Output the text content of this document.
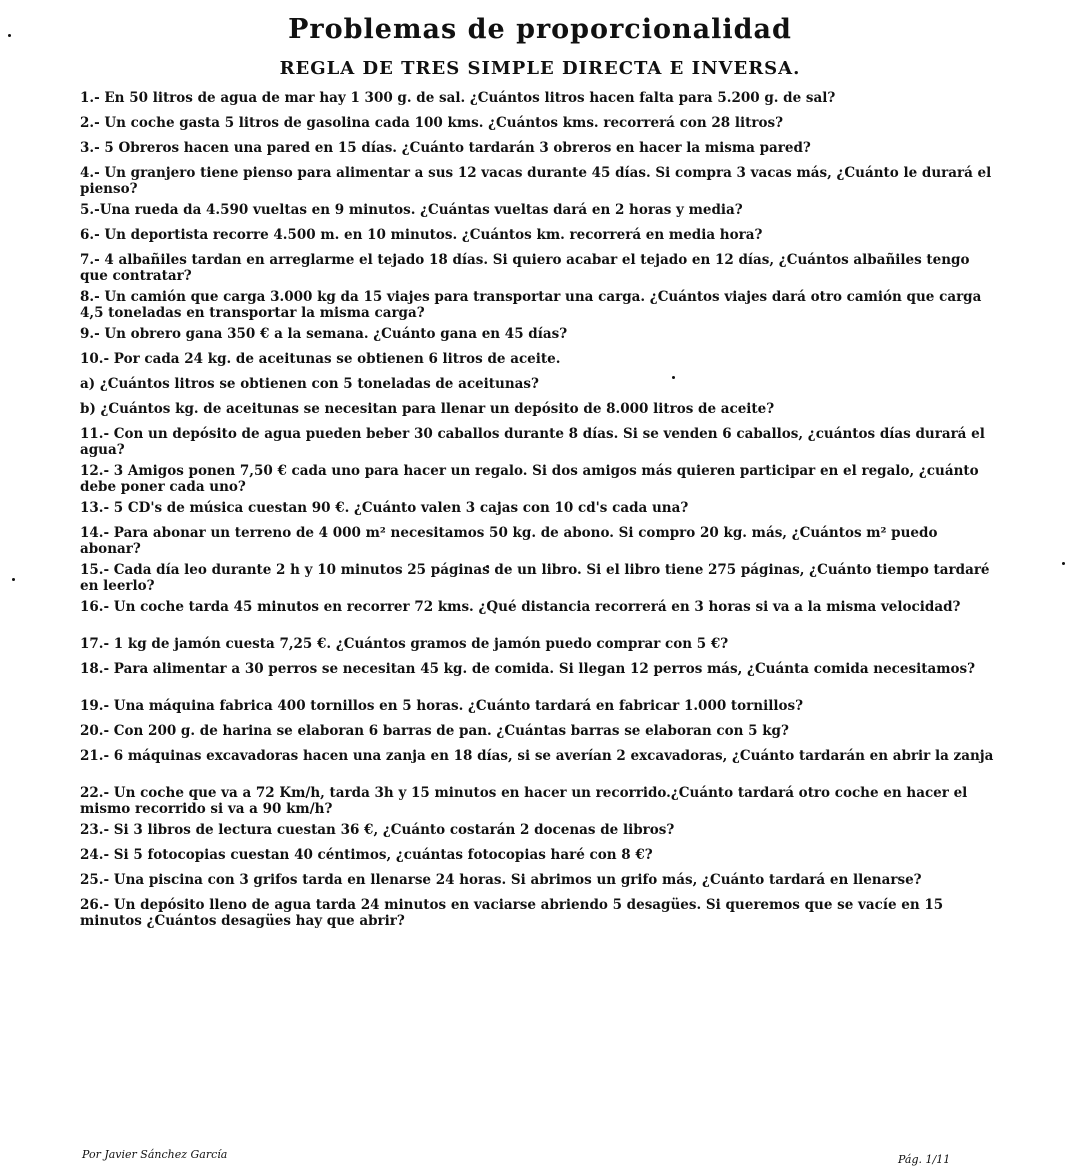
Problemas de proporcionalidad
REGLA DE TRES SIMPLE DIRECTA E INVERSA.
1.- En 50 litros de agua de mar hay 1 300 g. de sal. ¿Cuántos litros hacen falta para 5.200 g. de sal?
2.- Un coche gasta 5 litros de gasolina cada 100 kms. ¿Cuántos kms. recorrerá con 28 litros?
3.- 5 Obreros hacen una pared en 15 días. ¿Cuánto tardarán 3 obreros en hacer la misma pared?
4.- Un granjero tiene pienso para alimentar a sus 12 vacas durante 45 días. Si compra 3 vacas más, ¿Cuánto le durará el pienso?
5.-Una rueda da 4.590 vueltas en 9 minutos. ¿Cuántas vueltas dará en 2 horas y media?
6.- Un deportista recorre 4.500 m. en 10 minutos. ¿Cuántos km. recorrerá en media hora?
7.- 4 albañiles tardan en arreglarme el tejado 18 días. Si quiero acabar el tejado en 12 días, ¿Cuántos albañiles tengo que contratar?
8.- Un camión que carga 3.000 kg da 15 viajes para transportar una carga. ¿Cuántos viajes dará otro camión que carga 4,5 toneladas en transportar la misma carga?
9.- Un obrero gana 350 € a la semana. ¿Cuánto gana en 45 días?
10.- Por cada 24 kg. de aceitunas se obtienen 6 litros de aceite.
a) ¿Cuántos litros se obtienen con 5 toneladas de aceitunas?
b) ¿Cuántos kg. de aceitunas se necesitan para llenar un depósito de 8.000 litros de aceite?
11.- Con un depósito de agua pueden beber 30 caballos durante 8 días. Si se venden 6 caballos, ¿cuántos días durará el agua?
12.- 3 Amigos ponen 7,50 € cada uno para hacer un regalo. Si dos amigos más quieren participar en el regalo, ¿cuánto debe poner cada uno?
13.- 5 CD's de música cuestan 90 €. ¿Cuánto valen 3 cajas con 10 cd's cada una?
14.- Para abonar un terreno de 4 000 m² necesitamos 50 kg. de abono. Si compro 20 kg. más, ¿Cuántos m² puedo abonar?
15.- Cada día leo durante 2 h y 10 minutos 25 páginas de un libro. Si el libro tiene 275 páginas, ¿Cuánto tiempo tardaré en leerlo?
16.- Un coche tarda 45 minutos en recorrer 72 kms. ¿Qué distancia recorrerá en 3 horas si va a la misma velocidad?
17.- 1 kg de jamón cuesta 7,25 €. ¿Cuántos gramos de jamón puedo comprar con 5 €?
18.- Para alimentar a 30 perros se necesitan 45 kg. de comida. Si llegan 12 perros más, ¿Cuánta comida necesitamos?
19.- Una máquina fabrica 400 tornillos en 5 horas. ¿Cuánto tardará en fabricar 1.000 tornillos?
20.- Con 200 g. de harina se elaboran 6 barras de pan. ¿Cuántas barras se elaboran con 5 kg?
21.- 6 máquinas excavadoras hacen una zanja en 18 días, si se averían 2 excavadoras, ¿Cuánto tardarán en abrir la zanja
22.- Un coche que va a 72 Km/h, tarda 3h y 15 minutos en hacer un recorrido.¿Cuánto tardará otro coche en hacer el mismo recorrido si va a 90 km/h?
23.- Si 3 libros de lectura cuestan 36 €, ¿Cuánto costarán 2 docenas de libros?
24.- Si 5 fotocopias cuestan 40 céntimos, ¿cuántas fotocopias haré con 8 €?
25.- Una piscina con 3 grifos tarda en llenarse 24 horas. Si abrimos un grifo más, ¿Cuánto tardará en llenarse?
26.- Un depósito lleno de agua tarda 24 minutos en vaciarse abriendo 5 desagües. Si queremos que se vacíe en 15 minutos ¿Cuántos desagües hay que abrir?
Por Javier Sánchez García	Pág. 1/11
